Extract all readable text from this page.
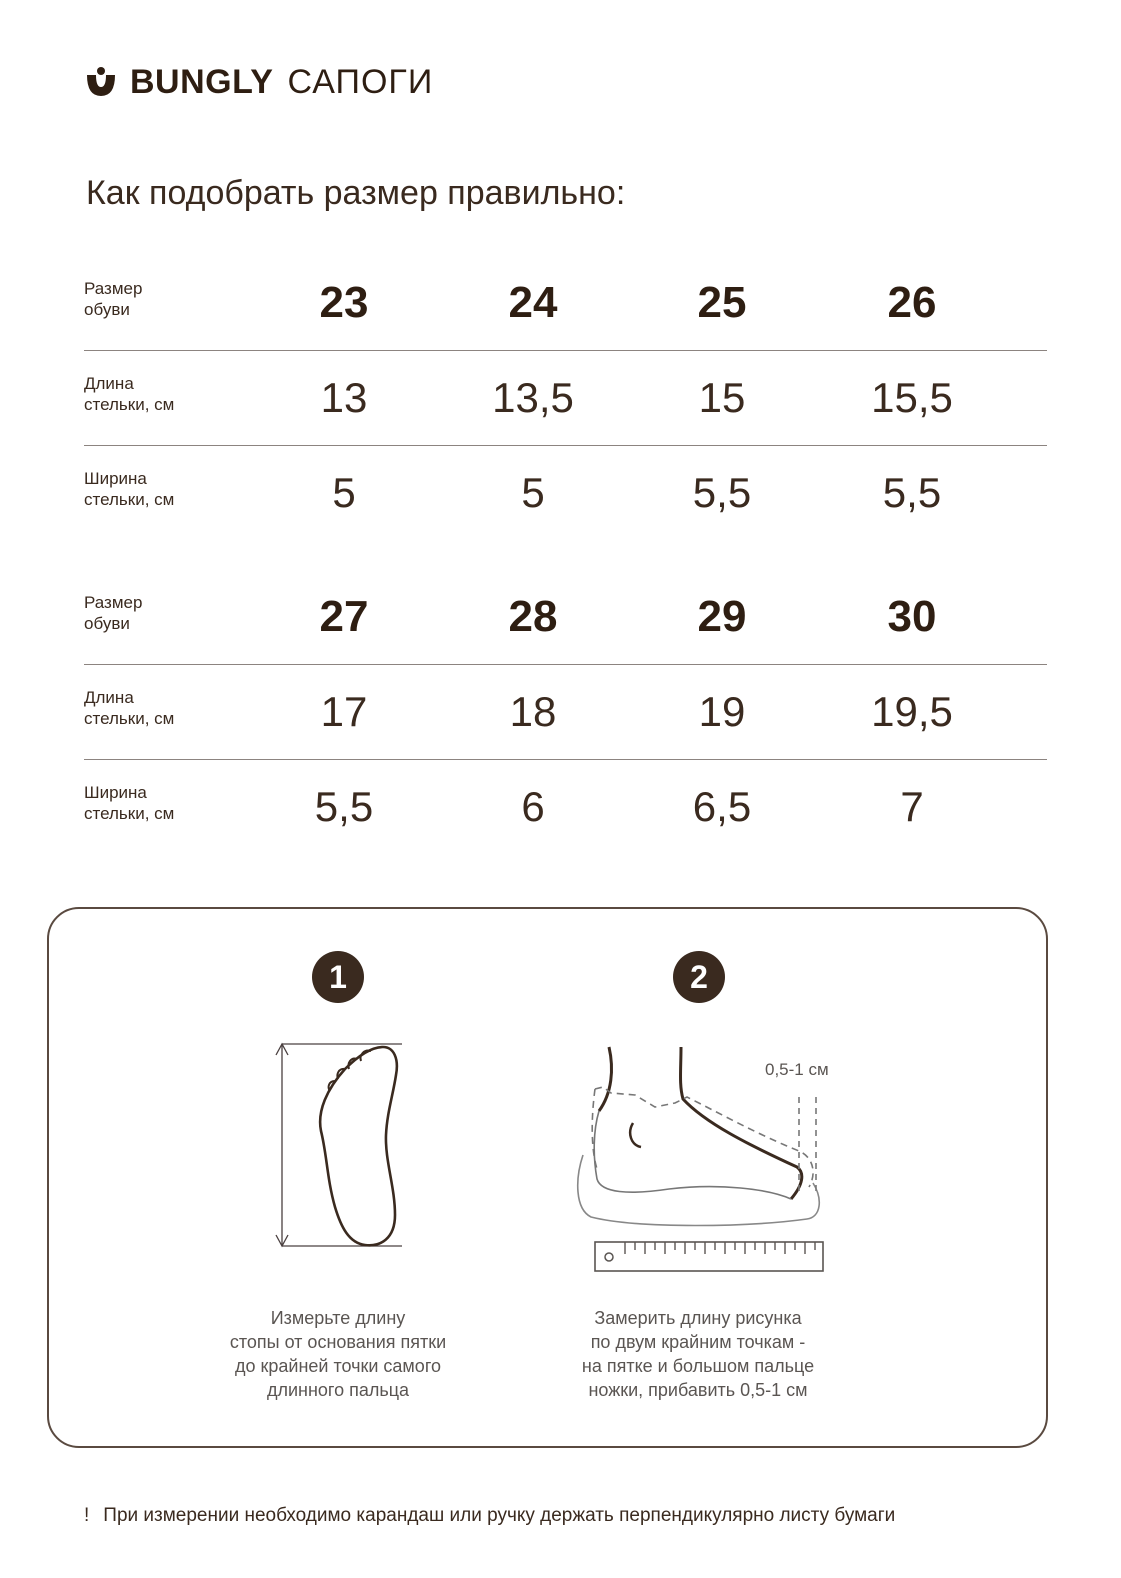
BUNGLY САПОГИ
Как подобрать размер правильно:
Размер
обуви	23	24	25	26
Длина
стельки, см	13	13,5	15	15,5
Ширина
стельки, см	5	5	5,5	5,5
Размер
обуви	27	28	29	30
Длина
стельки, см	17	18	19	19,5
Ширина
стельки, см	5,5	6	6,5	7
1	2
0,5-1 см
Измерьте длину
стопы от основания пятки
до крайней точки самого
длинного пальца
Замерить длину рисунка
по двум крайним точкам -
на пятке и большом пальце
ножки, прибавить 0,5-1 см
! При измерении необходимо карандаш или ручку держать перпендикулярно листу бумаги
